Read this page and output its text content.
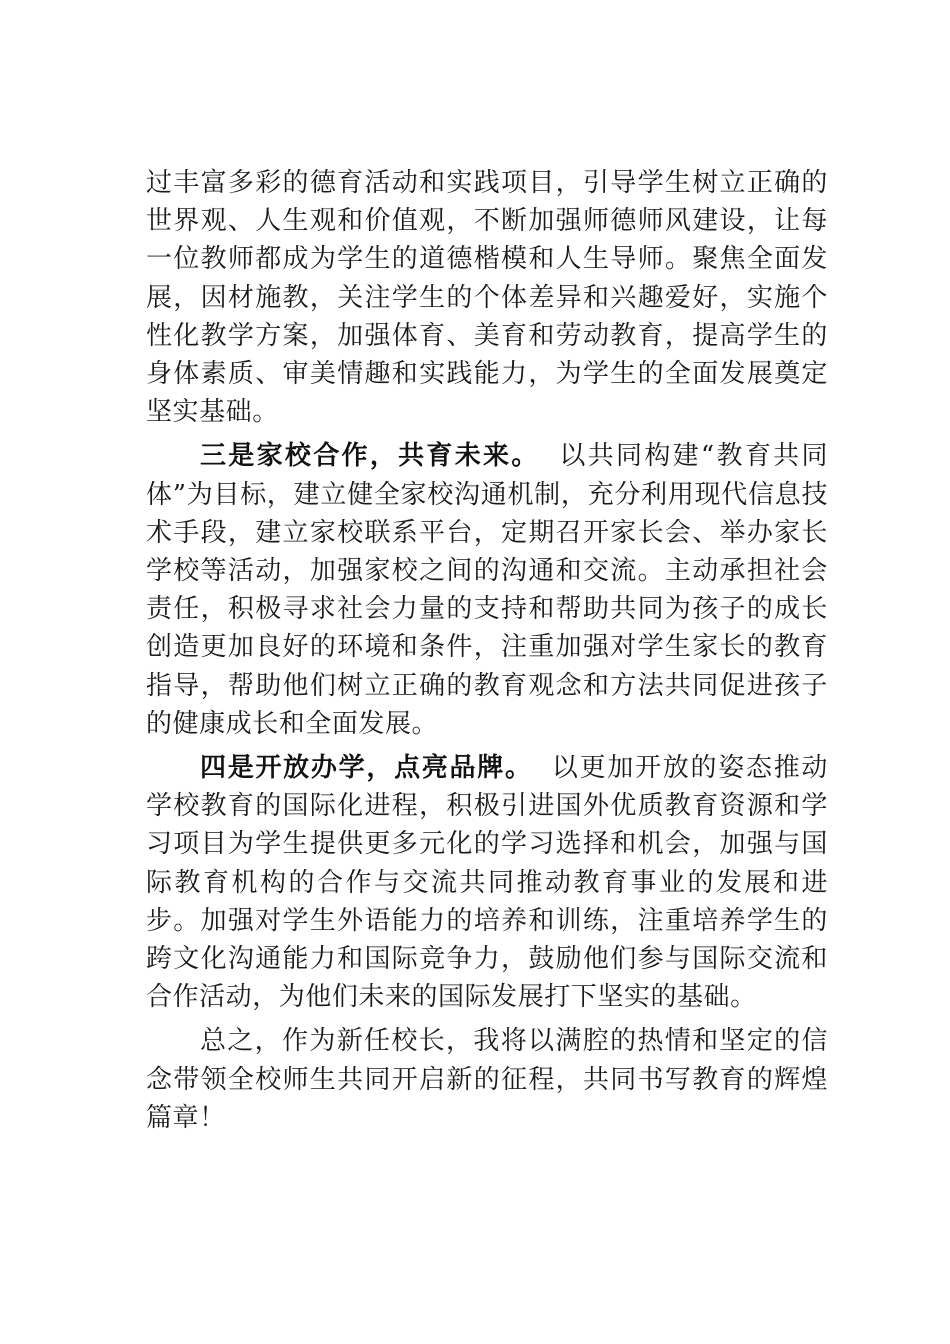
过丰富多彩的德育活动和实践项目，引导学生树立正确的世界观、人生观和价值观，不断加强师德师风建设，让每一位教师都成为学生的道德楷模和人生导师。聚焦全面发展，因材施教，关注学生的个体差异和兴趣爱好，实施个性化教学方案，加强体育、美育和劳动教育，提高学生的身体素质、审美情趣和实践能力，为学生的全面发展奠定坚实基础。

三是家校合作，共育未来。 以共同构建“教育共同体”为目标，建立健全家校沟通机制，充分利用现代信息技术手段，建立家校联系平台，定期召开家长会、举办家长学校等活动，加强家校之间的沟通和交流。主动承担社会责任，积极寻求社会力量的支持和帮助共同为孩子的成长创造更加良好的环境和条件，注重加强对学生家长的教育指导，帮助他们树立正确的教育观念和方法共同促进孩子的健康成长和全面发展。

四是开放办学，点亮品牌。 以更加开放的姿态推动学校教育的国际化进程，积极引进国外优质教育资源和学习项目为学生提供更多元化的学习选择和机会，加强与国际教育机构的合作与交流共同推动教育事业的发展和进步。加强对学生外语能力的培养和训练，注重培养学生的跨文化沟通能力和国际竞争力，鼓励他们参与国际交流和合作活动，为他们未来的国际发展打下坚实的基础。

总之，作为新任校长，我将以满腔的热情和坚定的信念带领全校师生共同开启新的征程，共同书写教育的辉煌篇章！
